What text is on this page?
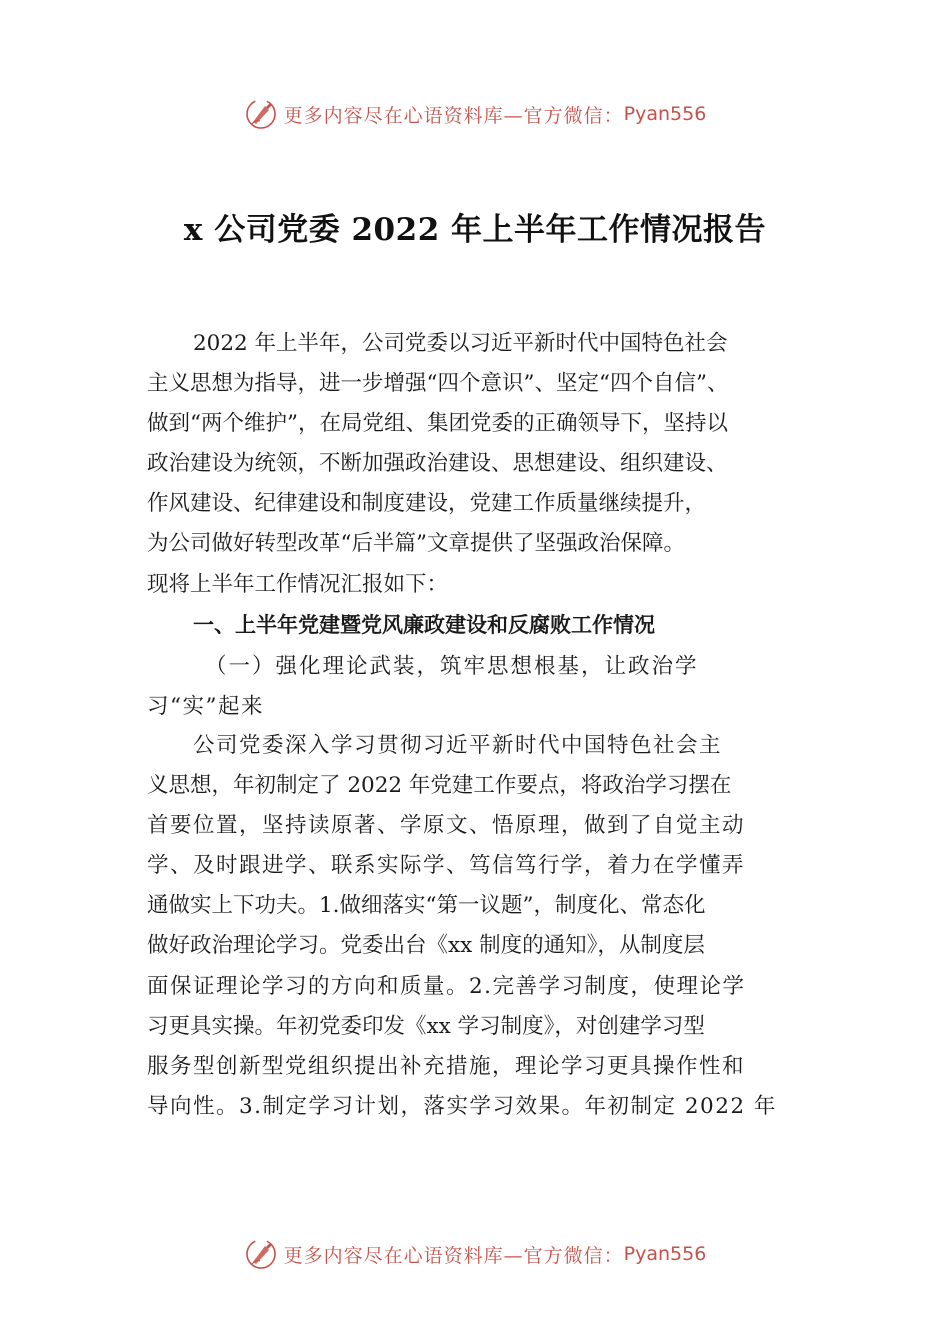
更多内容尽在心语资料库—官方微信： Pyan556
x 公司党委 2022 年上半年工作情况报告
2022 年上半年，公司党委以习近平新时代中国特色社会
主义思想为指导，进一步增强“四个意识”、坚定“四个自信”、
做到“两个维护”，在局党组、集团党委的正确领导下，坚持以
政治建设为统领，不断加强政治建设、思想建设、组织建设、
作风建设、纪律建设和制度建设，党建工作质量继续提升，
为公司做好转型改革“后半篇”文章提供了坚强政治保障。
现将上半年工作情况汇报如下：
一、上半年党建暨党风廉政建设和反腐败工作情况
（一）强化理论武装，筑牢思想根基，让政治学
习“实”起来
公司党委深入学习贯彻习近平新时代中国特色社会主
义思想，年初制定了 2022 年党建工作要点，将政治学习摆在
首要位置，坚持读原著、学原文、悟原理，做到了自觉主动
学、及时跟进学、联系实际学、笃信笃行学，着力在学懂弄
通做实上下功夫。1.做细落实“第一议题”，制度化、常态化
做好政治理论学习。党委出台《xx 制度的通知》，从制度层
面保证理论学习的方向和质量。2.完善学习制度，使理论学
习更具实操。年初党委印发《xx 学习制度》，对创建学习型
服务型创新型党组织提出补充措施，理论学习更具操作性和
导向性。3.制定学习计划，落实学习效果。年初制定 2022 年
更多内容尽在心语资料库—官方微信： Pyan556
